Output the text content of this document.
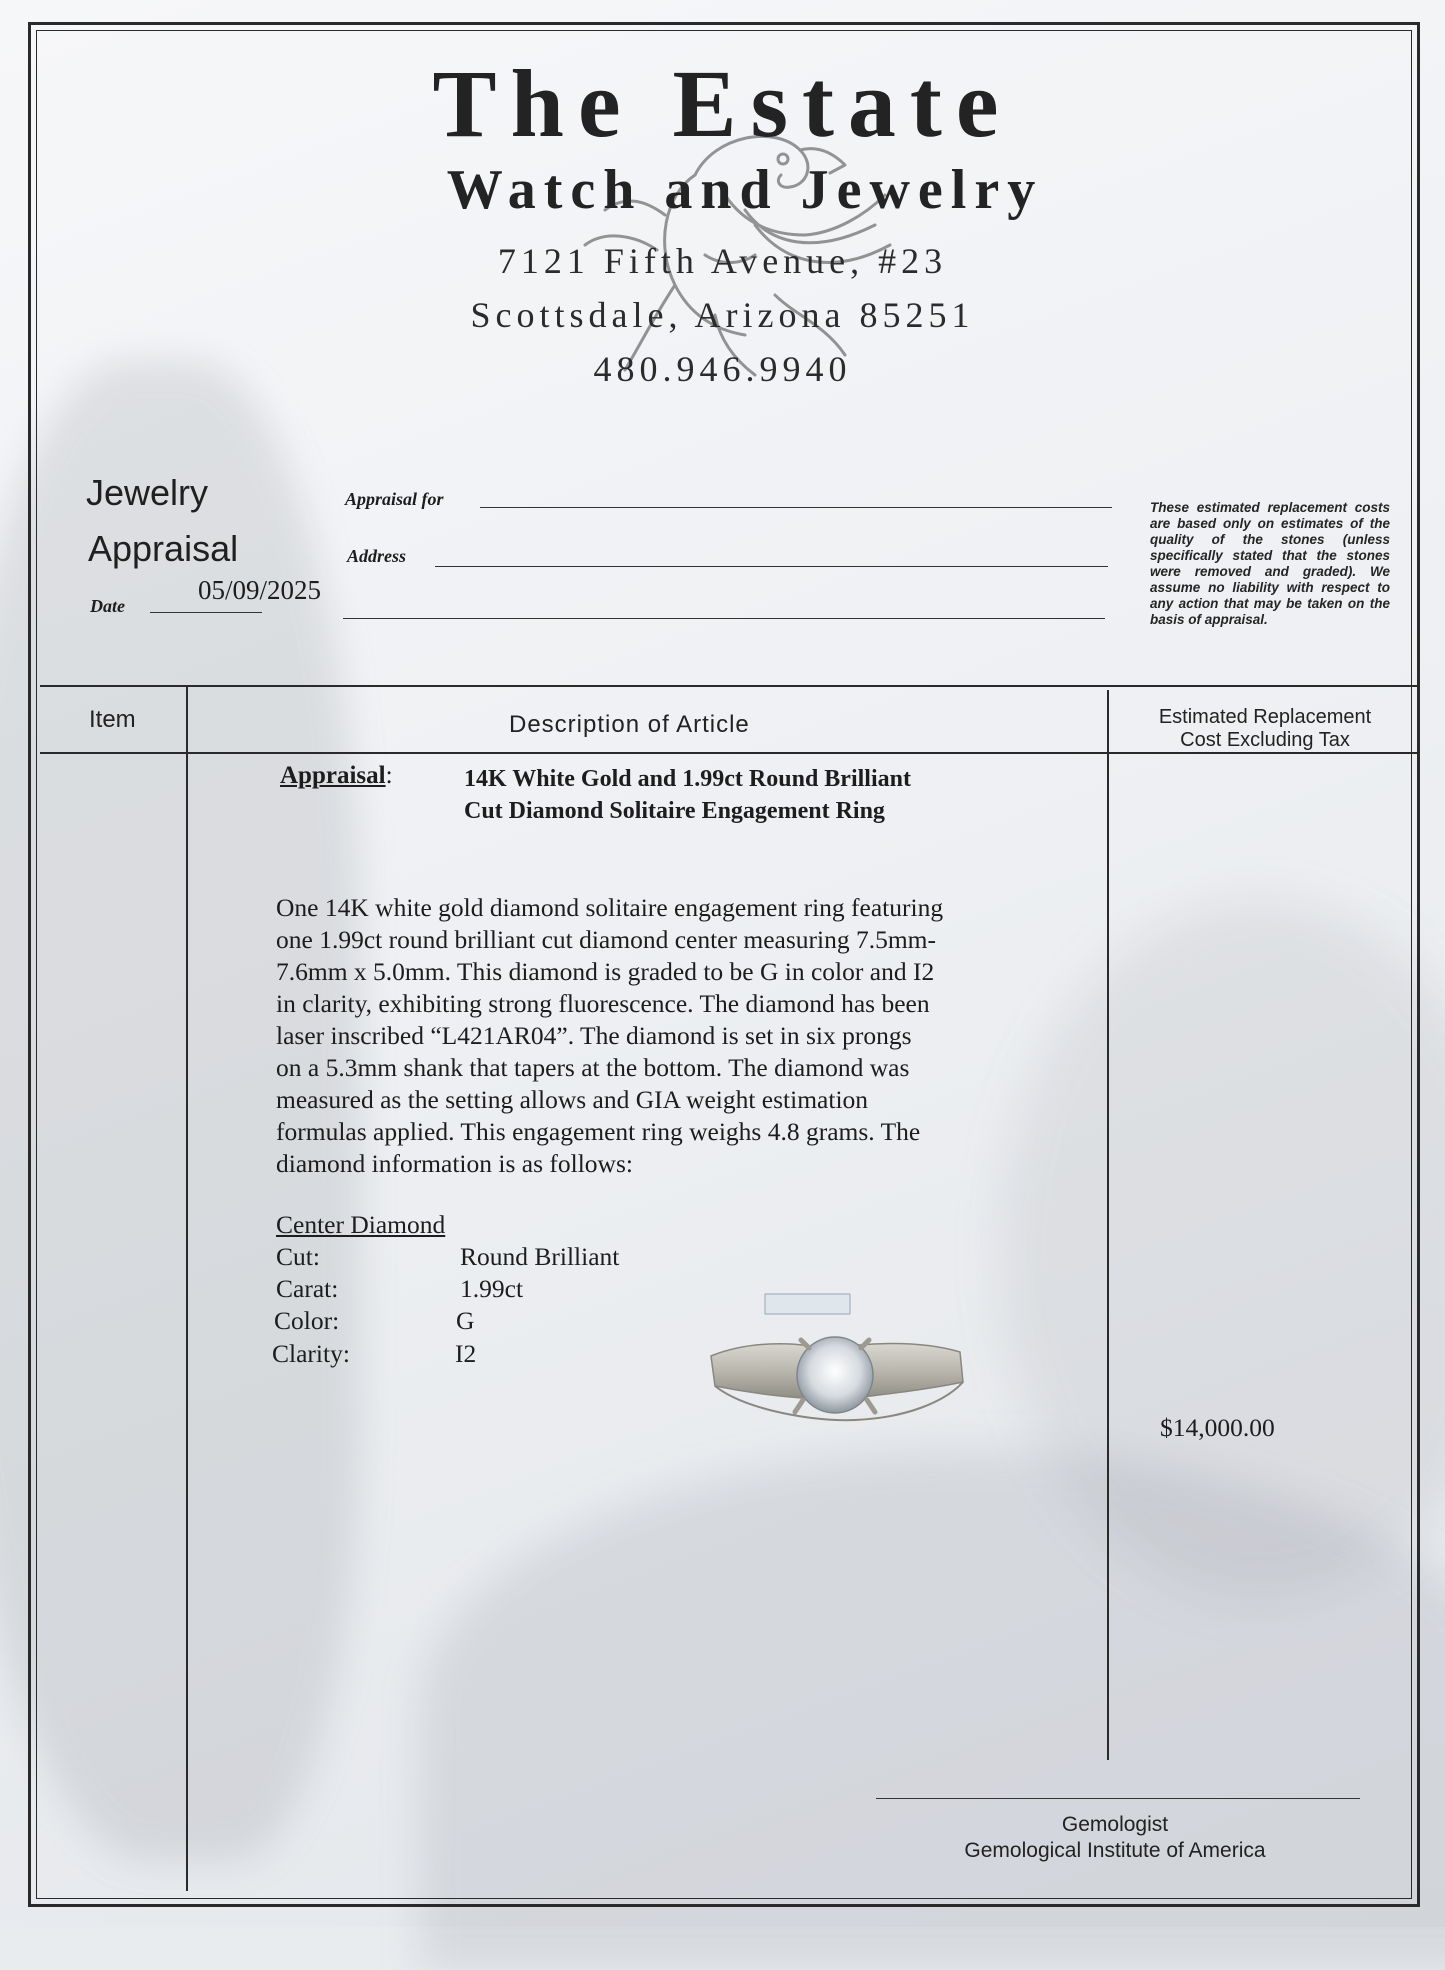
The Estate
Watch and Jewelry
7121 Fifth Avenue, #23
Scottsdale, Arizona 85251
480.946.9940
Jewelry
Appraisal
Appraisal for
Address
Date
05/09/2025
These estimated replacement costs are based only on estimates of the quality of the stones (unless specifically stated that the stones were removed and graded). We assume no liability with respect to any action that may be taken on the basis of appraisal.
Item	Description of Article	Estimated Replacement
Cost Excluding Tax
Appraisal:	14K White Gold and 1.99ct Round Brilliant
Cut Diamond Solitaire Engagement Ring
One 14K white gold diamond solitaire engagement ring featuring
one 1.99ct round brilliant cut diamond center measuring 7.5mm-
7.6mm x 5.0mm. This diamond is graded to be G in color and I2
in clarity, exhibiting strong fluorescence. The diamond has been
laser inscribed “L421AR04”. The diamond is set in six prongs
on a 5.3mm shank that tapers at the bottom. The diamond was
measured as the setting allows and GIA weight estimation
formulas applied. This engagement ring weighs 4.8 grams. The
diamond information is as follows:
Center Diamond
Cut:	Round Brilliant
Carat:	1.99ct
Color:	G
Clarity:	I2
$14,000.00
Gemologist
Gemological Institute of America
